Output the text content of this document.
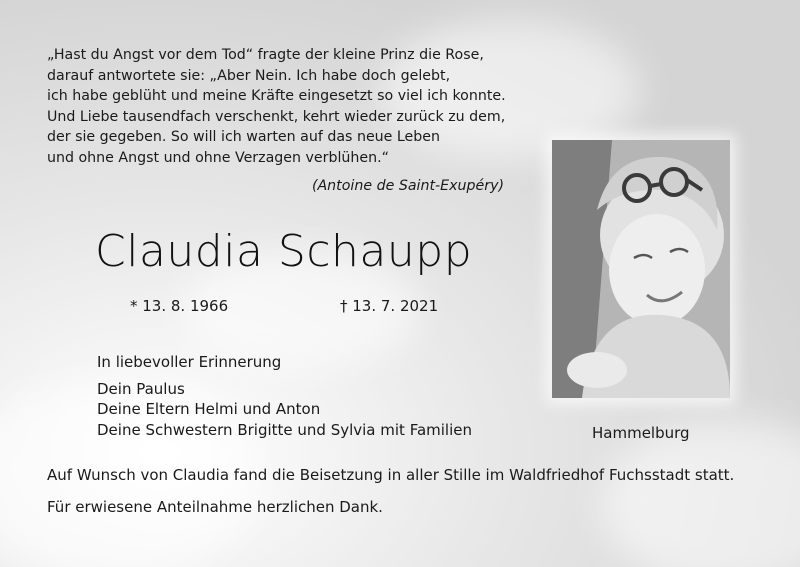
„Hast du Angst vor dem Tod“ fragte der kleine Prinz die Rose,
darauf antwortete sie: „Aber Nein. Ich habe doch gelebt,
ich habe geblüht und meine Kräfte eingesetzt so viel ich konnte.
Und Liebe tausendfach verschenkt, kehrt wieder zurück zu dem,
der sie gegeben. So will ich warten auf das neue Leben
und ohne Angst und ohne Verzagen verblühen.“
(Antoine de Saint-Exupéry)
Claudia Schaupp
* 13. 8. 1966	† 13. 7. 2021
In liebevoller Erinnerung
Dein Paulus
Deine Eltern Helmi und Anton
Deine Schwestern Brigitte und Sylvia mit Familien	Hammelburg
Auf Wunsch von Claudia fand die Beisetzung in aller Stille im Waldfriedhof Fuchsstadt statt.
Für erwiesene Anteilnahme herzlichen Dank.
